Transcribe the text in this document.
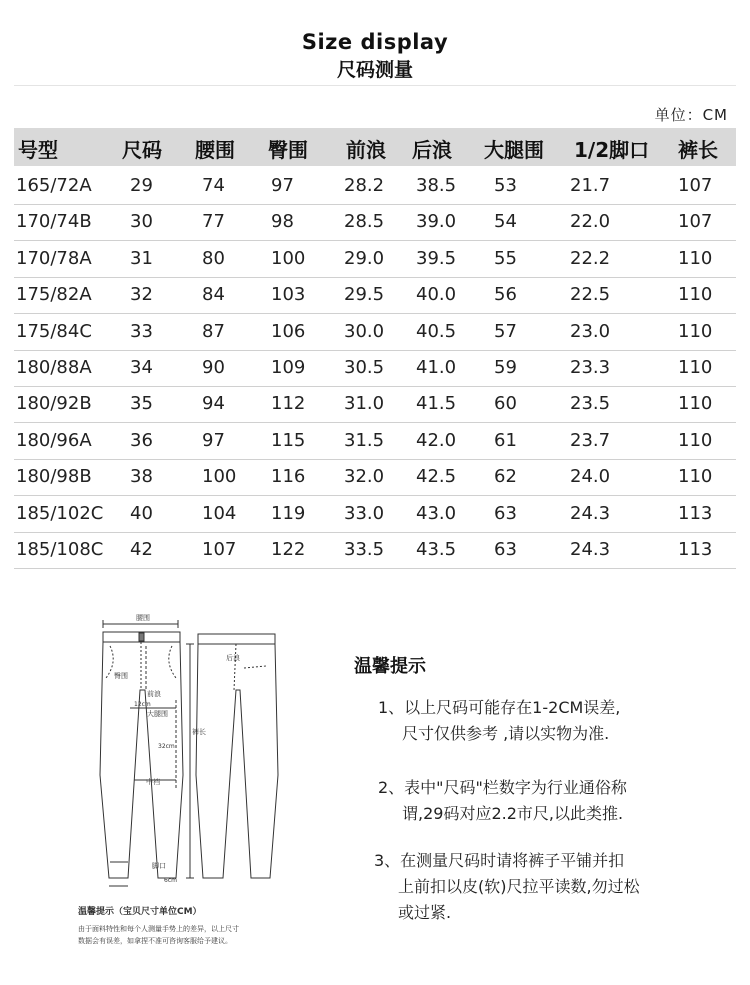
Size display
尺码测量
单位：CM
号型	尺码 腰围 臀围 前浪 后浪 大腿围 1/2脚口 裤长
165/72A 29	74	97	28.2 38.5 53	21.7	107
170/74B 30	77	98	28.5 39.0 54	22.0	107
170/78A 31	80	100 29.0 39.5 55	22.2	110
175/82A 32	84	103 29.5 40.0 56	22.5	110
175/84C 33	87	106 30.0 40.5 57	23.0	110
180/88A 34	90	109 30.5 41.0 59	23.3	110
180/92B 35	94	112 31.0 41.5 60	23.5	110
180/96A 36	97	115 31.5 42.0 61	23.7	110
180/98B 38	100 116 32.0 42.5 62	24.0	110
185/102C 40	104 119 33.0 43.0 63	24.3	113
185/108C 42	107 122 33.5 43.5 63	24.3	113
腰围
臀围
前浪
后浪
12cm
大腿围
32cm
裤长
中裆
脚口
6cm
温馨提示（宝贝尺寸单位CM）
由于面料特性和每个人测量手势上的差异，以上尺寸
数据会有误差，如拿捏不准可咨询客服给予建议。
温馨提示
1、以上尺码可能存在1-2CM误差,
尺寸仅供参考 ,请以实物为准.
2、表中"尺码"栏数字为行业通俗称
谓,29码对应2.2市尺,以此类推.
3、在测量尺码时请将裤子平铺并扣
上前扣以皮(软)尺拉平读数,勿过松
或过紧.
